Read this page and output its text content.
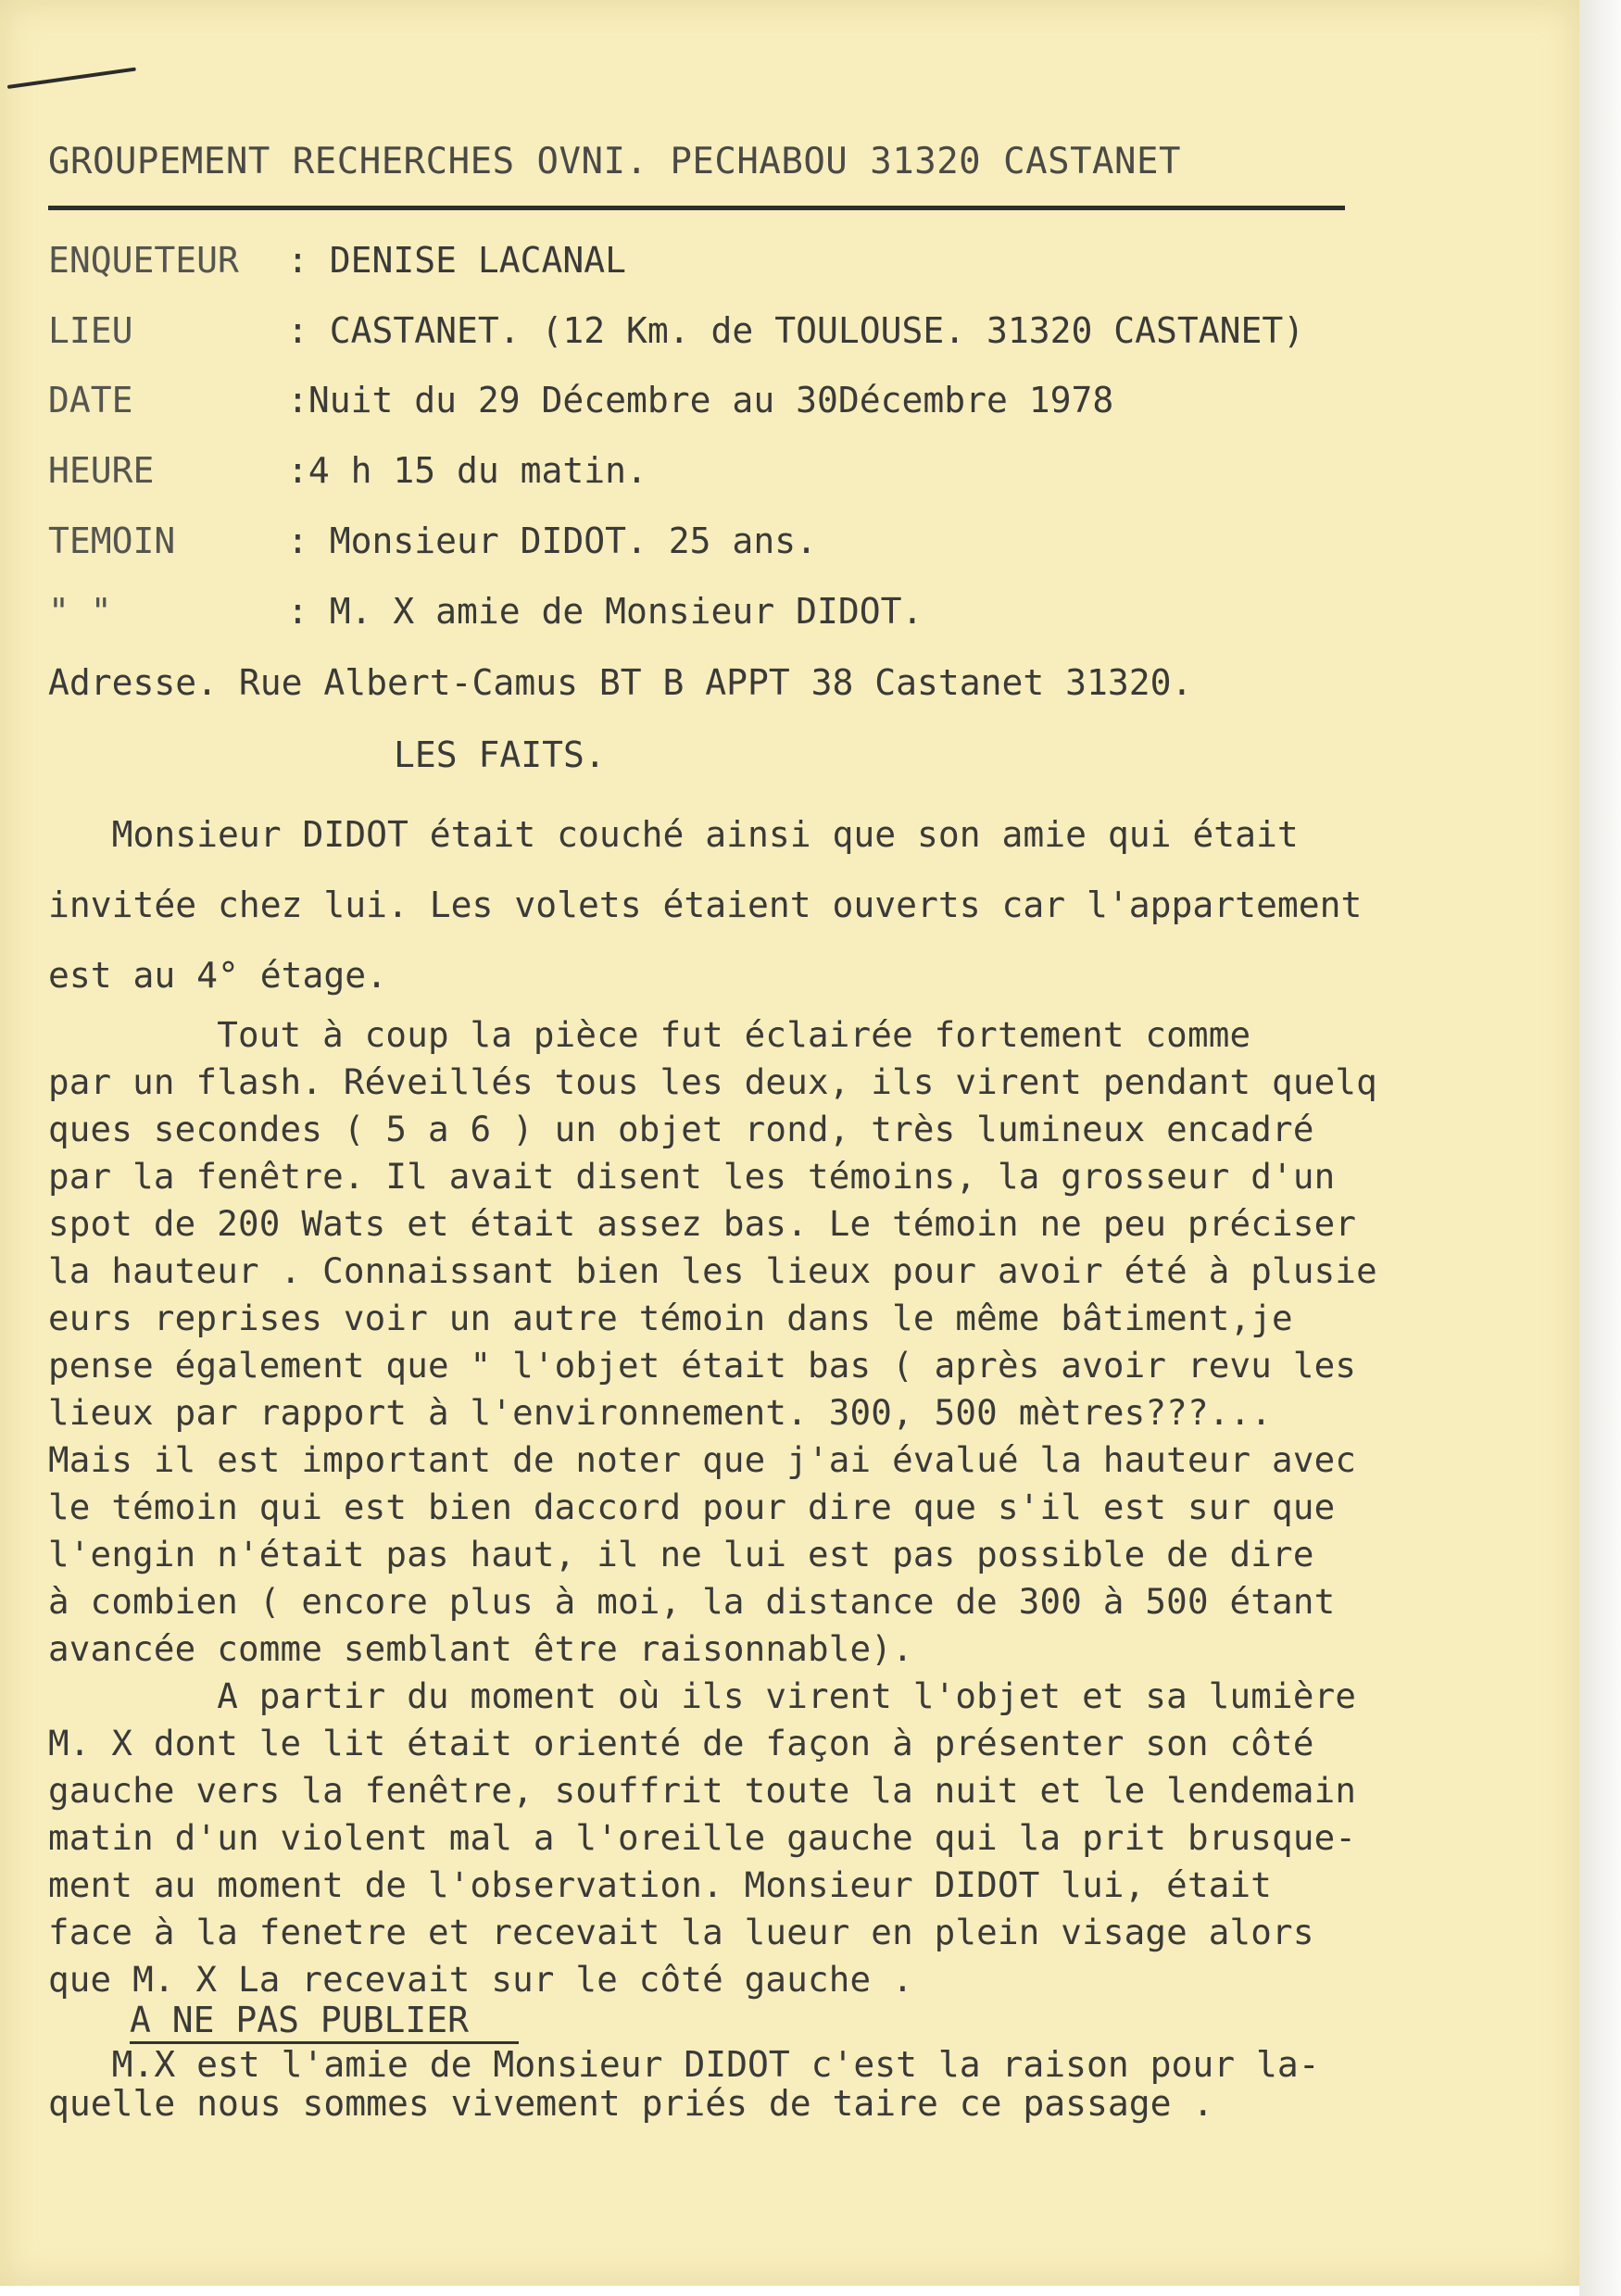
GROUPEMENT RECHERCHES OVNI. PECHABOU 31320 CASTANET
ENQUETEUR : DENISE LACANAL
LIEU	: CASTANET. (12 Km. de TOULOUSE. 31320 CASTANET)
DATE	:Nuit du 29 Décembre au 30Décembre 1978
HEURE	:4 h 15 du matin.
TEMOIN	: Monsieur DIDOT. 25 ans.
" "	: M. X amie de Monsieur DIDOT.
Adresse. Rue Albert-Camus BT B APPT 38 Castanet 31320.
LES FAITS.
Monsieur DIDOT était couché ainsi que son amie qui était
invitée chez lui. Les volets étaient ouverts car l'appartement
est au 4° étage.
Tout à coup la pièce fut éclairée fortement comme
par un flash. Réveillés tous les deux, ils virent pendant quelq
ques secondes ( 5 a 6 ) un objet rond, très lumineux encadré
par la fenêtre. Il avait disent les témoins, la grosseur d'un
spot de 200 Wats et était assez bas. Le témoin ne peu préciser
la hauteur . Connaissant bien les lieux pour avoir été à plusie
eurs reprises voir un autre témoin dans le même bâtiment,je
pense également que " l'objet était bas ( après avoir revu les
lieux par rapport à l'environnement. 300, 500 mètres???...
Mais il est important de noter que j'ai évalué la hauteur avec
le témoin qui est bien daccord pour dire que s'il est sur que
l'engin n'était pas haut, il ne lui est pas possible de dire
à combien ( encore plus à moi, la distance de 300 à 500 étant
avancée comme semblant être raisonnable).
A partir du moment où ils virent l'objet et sa lumière
M. X dont le lit était orienté de façon à présenter son côté
gauche vers la fenêtre, souffrit toute la nuit et le lendemain
matin d'un violent mal a l'oreille gauche qui la prit brusque-
ment au moment de l'observation. Monsieur DIDOT lui, était
face à la fenetre et recevait la lueur en plein visage alors
que M. X La recevait sur le côté gauche .
A NE PAS PUBLIER
M.X est l'amie de Monsieur DIDOT c'est la raison pour la-
quelle nous sommes vivement priés de taire ce passage .
